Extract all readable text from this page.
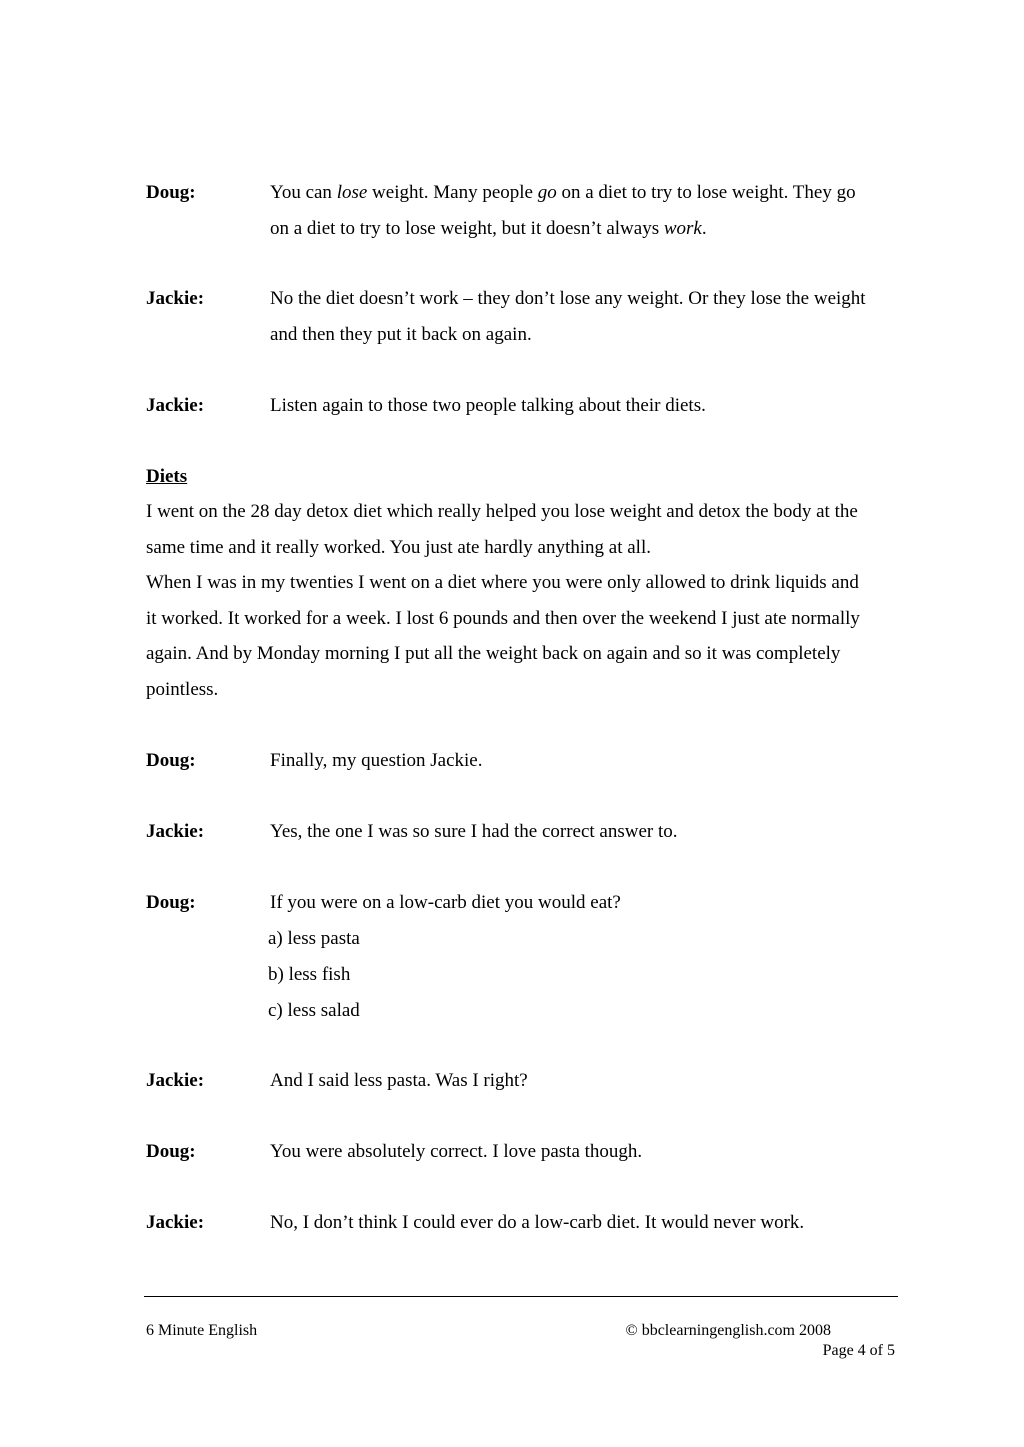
Doug:	You can lose weight. Many people go on a diet to try to lose weight. They go
on a diet to try to lose weight, but it doesn’t always work.
Jackie:	No the diet doesn’t work – they don’t lose any weight. Or they lose the weight
and then they put it back on again.
Jackie:	Listen again to those two people talking about their diets.
Diets
I went on the 28 day detox diet which really helped you lose weight and detox the body at the
same time and it really worked. You just ate hardly anything at all.
When I was in my twenties I went on a diet where you were only allowed to drink liquids and
it worked. It worked for a week. I lost 6 pounds and then over the weekend I just ate normally
again. And by Monday morning I put all the weight back on again and so it was completely
pointless.
Doug:	Finally, my question Jackie.
Jackie:	Yes, the one I was so sure I had the correct answer to.
Doug:	If you were on a low-carb diet you would eat?
a) less pasta
b) less fish
c) less salad
Jackie:	And I said less pasta. Was I right?
Doug:	You were absolutely correct. I love pasta though.
Jackie:	No, I don’t think I could ever do a low-carb diet. It would never work.
6 Minute English	© bbclearningenglish.com 2008
Page 4 of 5
